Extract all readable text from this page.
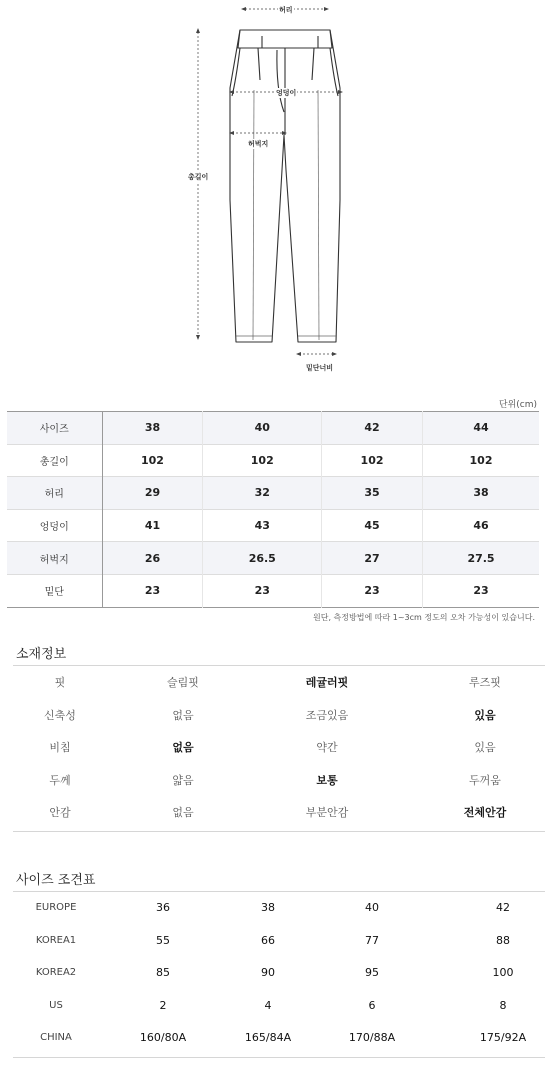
허리
엉덩이
허벅지
총길이
밑단너비
단위(cm)
사이즈	38	40	42	44
총길이	102	102	102	102
허리	29	32	35	38
엉덩이	41	43	45	46
허벅지	26	26.5	27	27.5
밑단	23	23	23	23
원단, 측정방법에 따라 1~3cm 정도의 오차 가능성이 있습니다.
소재정보
핏	슬림핏	레귤러핏	루즈핏
신축성	없음	조금있음	있음
비침	없음	약간	있음
두께	얇음	보통	두꺼움
안감	없음	부분안감	전체안감
사이즈 조견표
EUROPE	36	38	40	42
KOREA1	55	66	77	88
KOREA2	85	90	95	100
US	2	4	6	8
CHINA	160/80A	165/84A	170/88A	175/92A
